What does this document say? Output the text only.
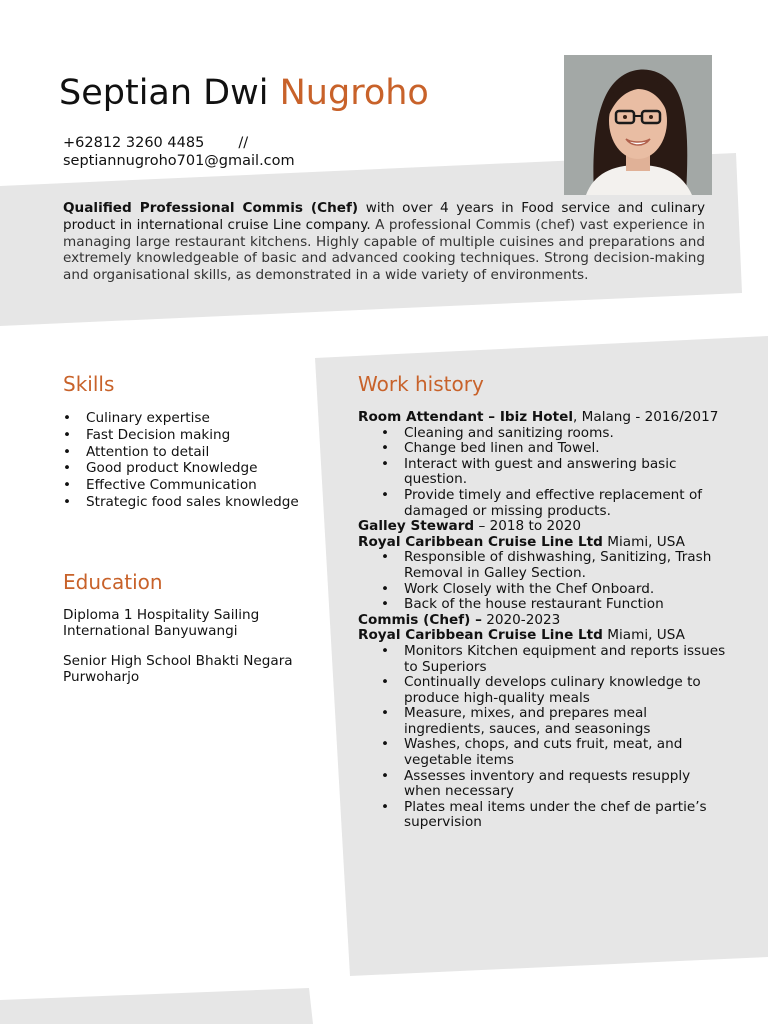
Septian Dwi Nugroho
+62812 3260 4485 //
septiannugroho701@gmail.com

Qualified Professional Commis (Chef) with over 4 years in Food service and culinary product in international cruise Line company. A professional Commis (chef) vast experience in managing large restaurant kitchens. Highly capable of multiple cuisines and preparations and extremely knowledgeable of basic and advanced cooking techniques. Strong decision-making and organisational skills, as demonstrated in a wide variety of environments.

Skills
• Culinary expertise
• Fast Decision making
• Attention to detail
• Good product Knowledge
• Effective Communication
• Strategic food sales knowledge
Education

Diploma 1 Hospitality Sailing International Banyuwangi

Senior High School Bhakti Negara Purwoharjo

Work history

Room Attendant – Ibiz Hotel, Malang - 2016/2017

• Cleaning and sanitizing rooms.
• Change bed linen and Towel.
• Interact with guest and answering basic question.
• Provide timely and effective replacement of damaged or missing products.

Galley Steward – 2018 to 2020

Royal Caribbean Cruise Line Ltd Miami, USA

• Responsible of dishwashing, Sanitizing, Trash Removal in Galley Section.
• Work Closely with the Chef Onboard.
• Back of the house restaurant Function

Commis (Chef) – 2020-2023

Royal Caribbean Cruise Line Ltd Miami, USA

• Monitors Kitchen equipment and reports issues to Superiors
• Continually develops culinary knowledge to produce high-quality meals
• Measure, mixes, and prepares meal ingredients, sauces, and seasonings
• Washes, chops, and cuts fruit, meat, and vegetable items
• Assesses inventory and requests resupply when necessary
• Plates meal items under the chef de partie’s supervision
